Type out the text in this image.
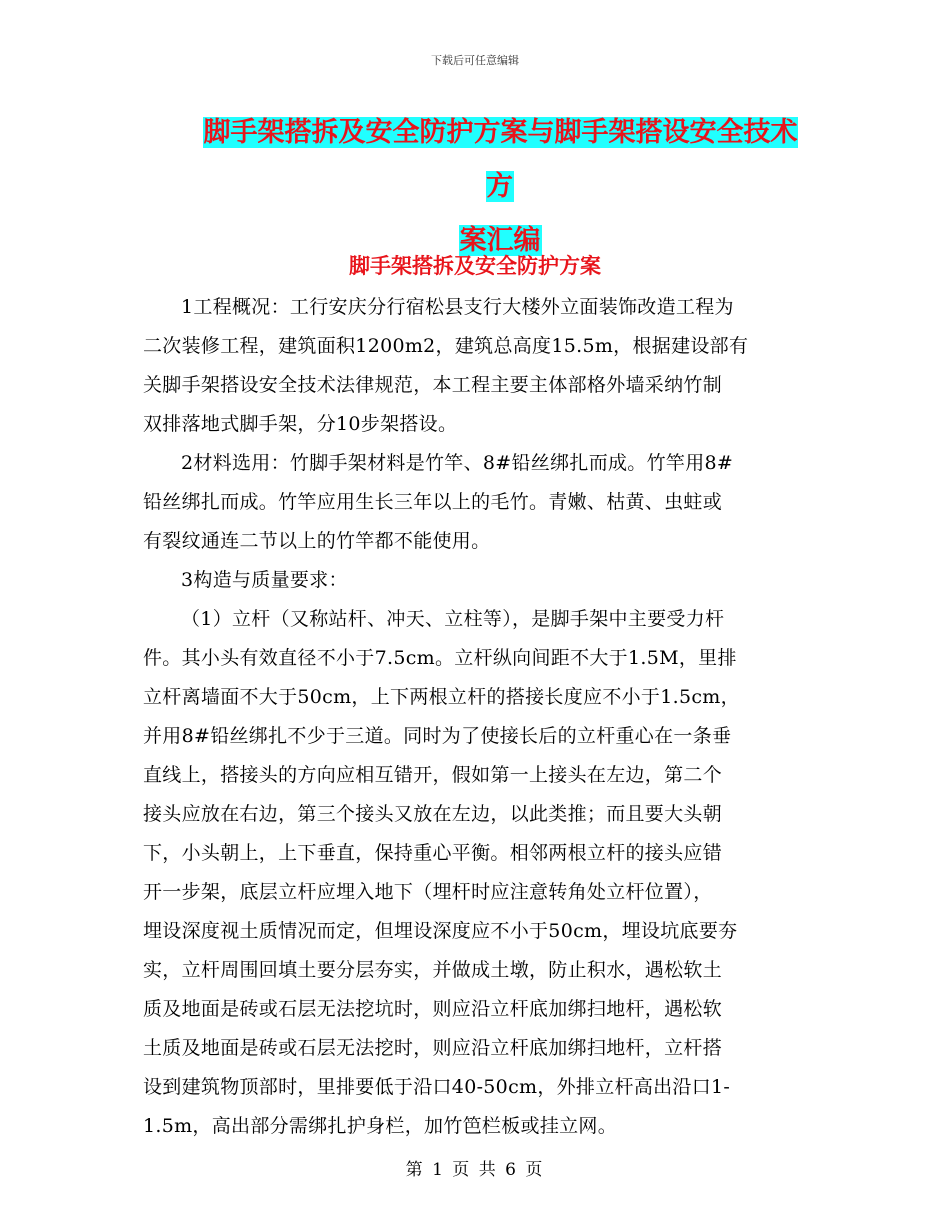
下载后可任意编辑
脚手架搭拆及安全防护方案与脚手架搭设安全技术方
案汇编
脚手架搭拆及安全防护方案

1工程概况：工行安庆分行宿松县支行大楼外立面装饰改造工程为
二次装修工程，建筑面积1200m2，建筑总高度15.5m，根据建设部有
关脚手架搭设安全技术法律规范，本工程主要主体部格外墙采纳竹制
双排落地式脚手架，分10步架搭设。

2材料选用：竹脚手架材料是竹竿、8#铅丝绑扎而成。竹竿用8#
铅丝绑扎而成。竹竿应用生长三年以上的毛竹。青嫩、枯黄、虫蛀或
有裂纹通连二节以上的竹竿都不能使用。

3构造与质量要求：

（1）立杆（又称站杆、冲天、立柱等），是脚手架中主要受力杆
件。其小头有效直径不小于7.5cm。立杆纵向间距不大于1.5M，里排
立杆离墙面不大于50cm，上下两根立杆的搭接长度应不小于1.5cm，
并用8#铅丝绑扎不少于三道。同时为了使接长后的立杆重心在一条垂
直线上，搭接头的方向应相互错开，假如第一上接头在左边，第二个
接头应放在右边，第三个接头又放在左边，以此类推；而且要大头朝
下，小头朝上，上下垂直，保持重心平衡。相邻两根立杆的接头应错
开一步架，底层立杆应埋入地下（埋杆时应注意转角处立杆位置），
埋设深度视土质情况而定，但埋设深度应不小于50cm，埋设坑底要夯
实，立杆周围回填土要分层夯实，并做成土墩，防止积水，遇松软土
质及地面是砖或石层无法挖坑时，则应沿立杆底加绑扫地杆，遇松软
土质及地面是砖或石层无法挖时，则应沿立杆底加绑扫地杆，立杆搭
设到建筑物顶部时，里排要低于沿口40-50cm，外排立杆高出沿口1-
1.5m，高出部分需绑扎护身栏，加竹笆栏板或挂立网。

第 1 页 共 6 页
